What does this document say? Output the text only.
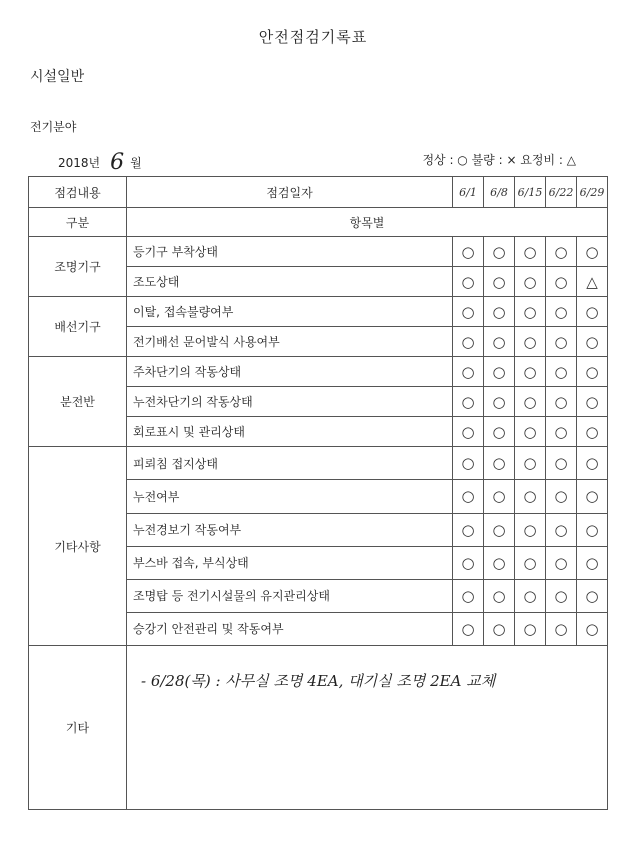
안전점검기록표
시설일반
전기분야
2018년 6 월	정상 : ○ 불량 : × 요정비 : △
점검내용	점검일자	6/1	6/8	6/15	6/22	6/29
구분	항목별					
조명기구	등기구 부착상태	○	○	○	○	○
	조도상태	○	○	○	○	△
배선기구	이탈, 접속불량여부	○	○	○	○	○
	전기배선 문어발식 사용여부	○	○	○	○	○
분전반	주차단기의 작동상태	○	○	○	○	○
	누전차단기의 작동상태	○	○	○	○	○
	회로표시 및 관리상태	○	○	○	○	○
기타사항	피뢰침 접지상태	○	○	○	○	○
	누전여부	○	○	○	○	○
	누전경보기 작동여부	○	○	○	○	○
	부스바 접속, 부식상태	○	○	○	○	○
	조명탑 등 전기시설물의 유지관리상태	○	○	○	○	○
	승강기 안전관리 및 작동여부	○	○	○	○	○
기타	- 6/28(목) : 사무실 조명 4EA, 대기실 조명 2EA 교체					
